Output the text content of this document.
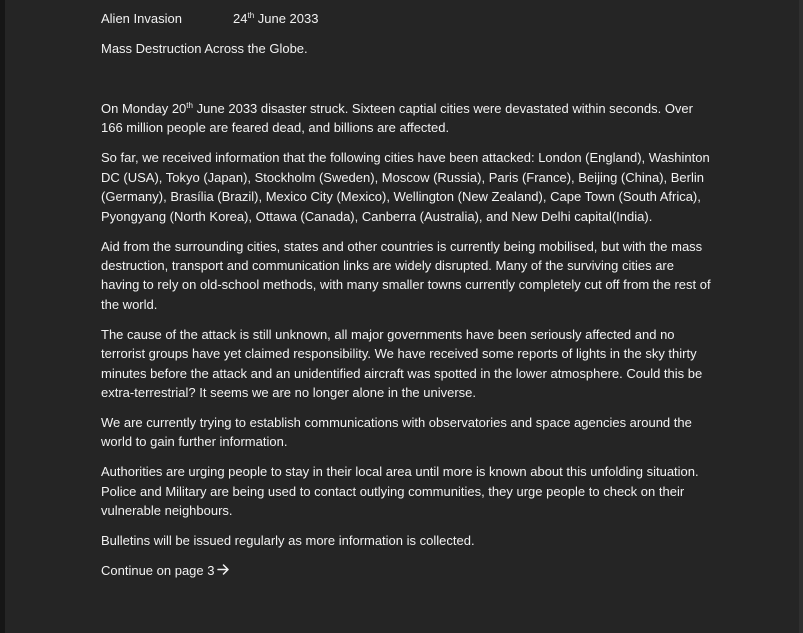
Alien Invasion	24th June 2033

Mass Destruction Across the Globe.

On Monday 20th June 2033 disaster struck. Sixteen captial cities were devastated within seconds. Over 166 million people are feared dead, and billions are affected.

So far, we received information that the following cities have been attacked: London (England), Washinton DC (USA), Tokyo (Japan), Stockholm (Sweden), Moscow (Russia), Paris (France), Beijing (China), Berlin (Germany), Brasília (Brazil), Mexico City (Mexico), Wellington (New Zealand), Cape Town (South Africa), Pyongyang (North Korea), Ottawa (Canada), Canberra (Australia), and New Delhi capital(India).

Aid from the surrounding cities, states and other countries is currently being mobilised, but with the mass destruction, transport and communication links are widely disrupted. Many of the surviving cities are having to rely on old-school methods, with many smaller towns currently completely cut off from the rest of the world.

The cause of the attack is still unknown, all major governments have been seriously affected and no terrorist groups have yet claimed responsibility. We have received some reports of lights in the sky thirty minutes before the attack and an unidentified aircraft was spotted in the lower atmosphere. Could this be extra-terrestrial? It seems we are no longer alone in the universe.

We are currently trying to establish communications with observatories and space agencies around the world to gain further information.

Authorities are urging people to stay in their local area until more is known about this unfolding situation. Police and Military are being used to contact outlying communities, they urge people to check on their vulnerable neighbours.

Bulletins will be issued regularly as more information is collected.

Continue on page 3
